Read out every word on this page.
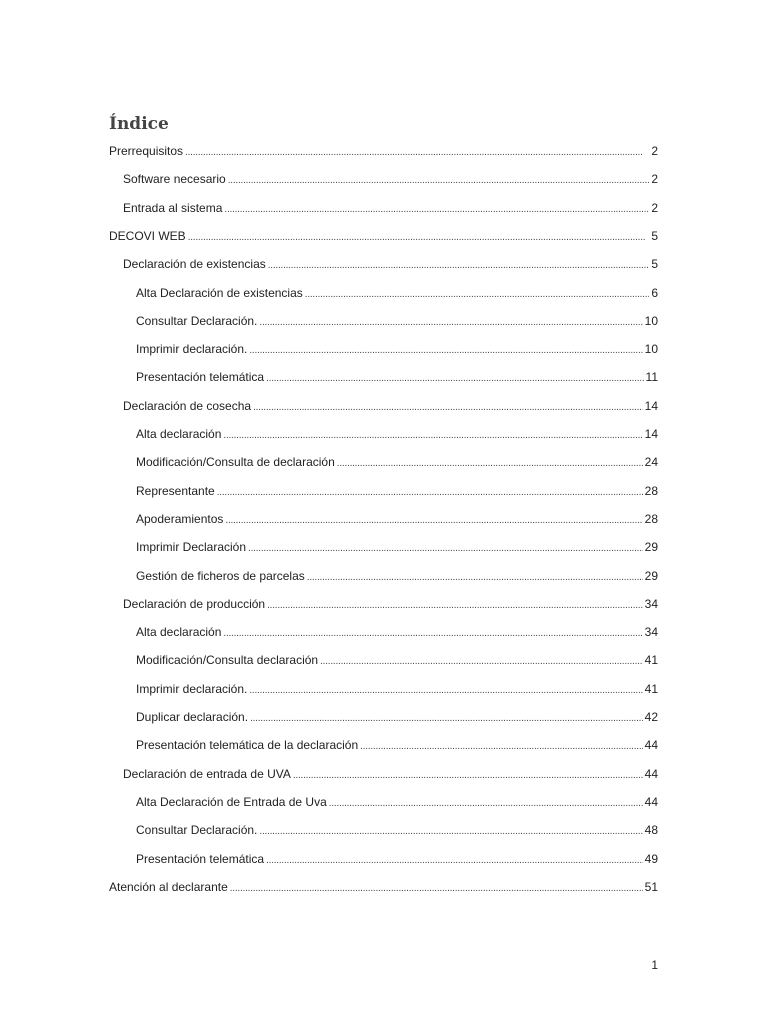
Índice
Prerrequisitos . . .	2
Software necesario . . .	2
Entrada al sistema . . .	2
DECOVI WEB . . .	5
Declaración de existencias . . .	5
Alta Declaración de existencias . . .	6
Consultar Declaración. . . .	10
Imprimir declaración. . . .	10
Presentación telemática . . .	11
Declaración de cosecha . . .	14
Alta declaración . . .	14
Modificación/Consulta de declaración . . .	24
Representante . . .	28
Apoderamientos . . .	28
Imprimir Declaración . . .	29
Gestión de ficheros de parcelas . . .	29
Declaración de producción . . .	34
Alta declaración . . .	34
Modificación/Consulta declaración . . .	41
Imprimir declaración. . . .	41
Duplicar declaración. . . .	42
Presentación telemática de la declaración . . .	44
Declaración de entrada de UVA . . .	44
Alta Declaración de Entrada de Uva . . .	44
Consultar Declaración. . . .	48
Presentación telemática . . .	49
Atención al declarante . . .	51
1
